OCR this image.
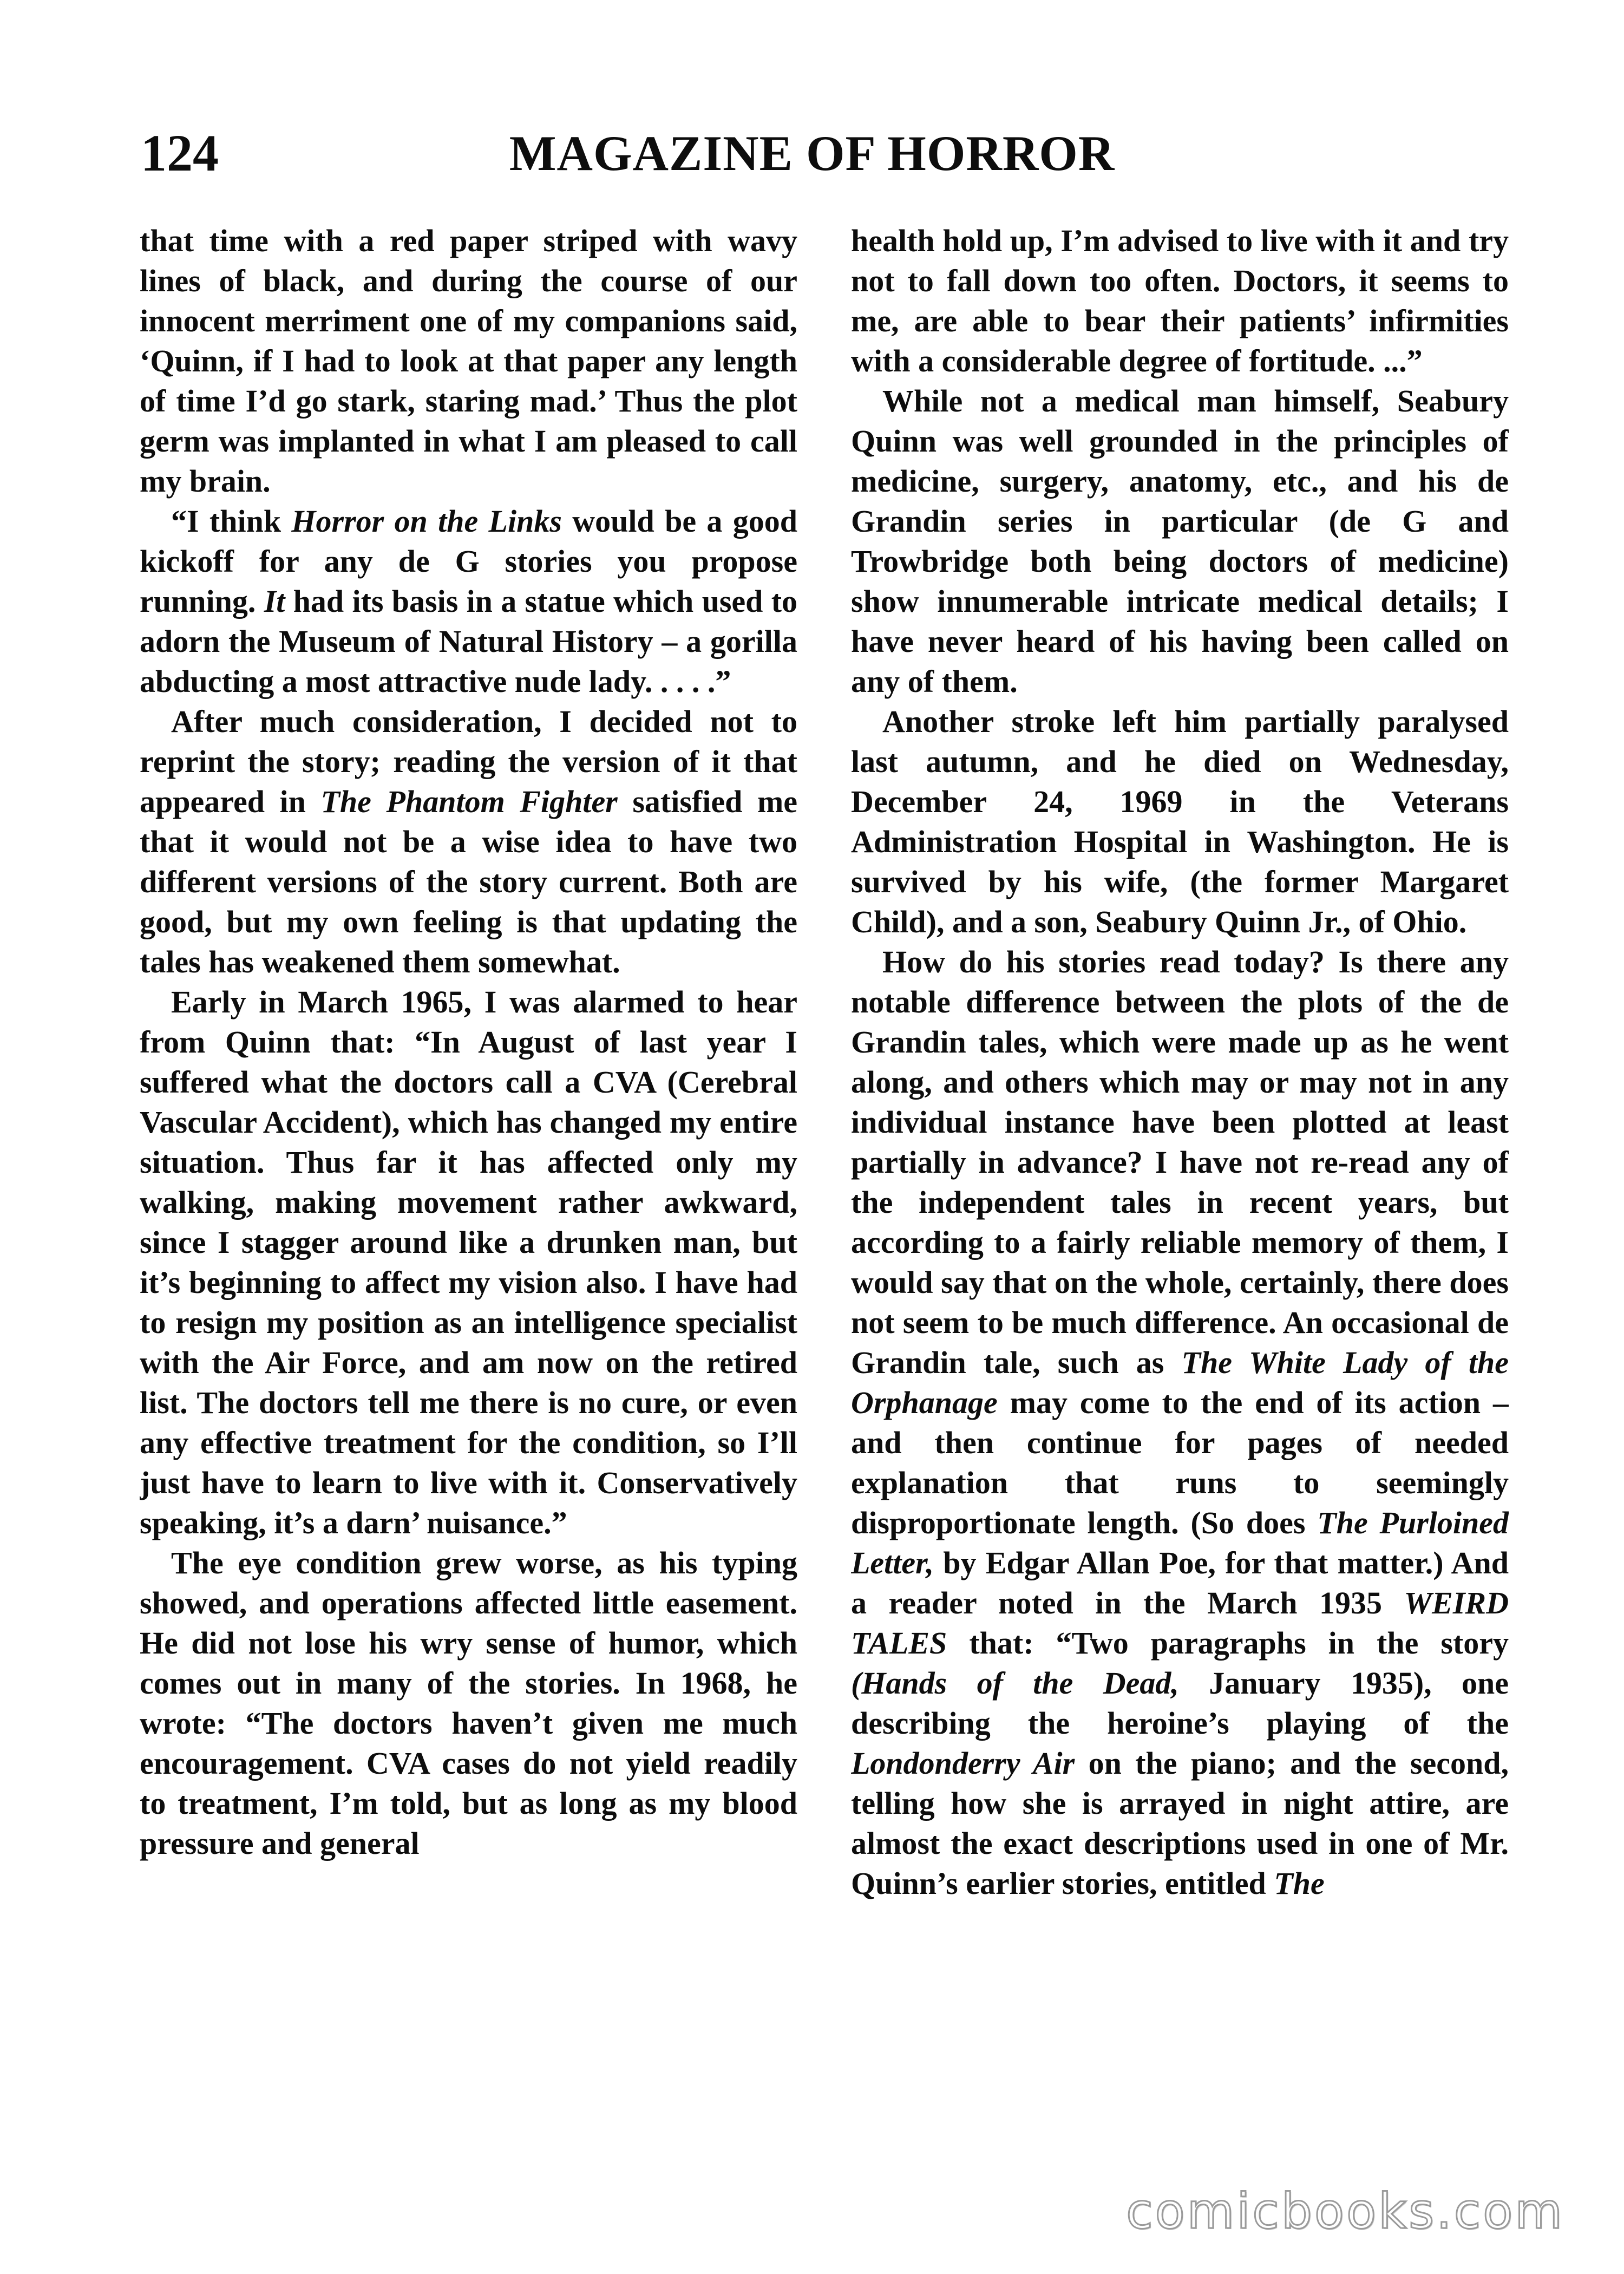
124	MAGAZINE OF HORROR

that time with a red paper striped with wavy lines of black, and during the course of our innocent merriment one of my companions said, ‘Quinn, if I had to look at that paper any length of time I’d go stark, staring mad.’ Thus the plot germ was implanted in what I am pleased to call my brain.

“I think Horror on the Links would be a good kickoff for any de G stories you propose running. It had its basis in a statue which used to adorn the Museum of Natural History – a gorilla abducting a most attractive nude lady. . . . .”

After much consideration, I decided not to reprint the story; reading the version of it that appeared in The Phantom Fighter satisfied me that it would not be a wise idea to have two different versions of the story current. Both are good, but my own feeling is that updating the tales has weakened them somewhat.

Early in March 1965, I was alarmed to hear from Quinn that: “In August of last year I suffered what the doctors call a CVA (Cerebral Vascular Accident), which has changed my entire situation. Thus far it has affected only my walking, making movement rather awkward, since I stagger around like a drunken man, but it’s beginning to affect my vision also. I have had to resign my position as an intelligence specialist with the Air Force, and am now on the retired list. The doctors tell me there is no cure, or even any effective treatment for the condition, so I’ll just have to learn to live with it. Conservatively speaking, it’s a darn’ nuisance.”

The eye condition grew worse, as his typing showed, and operations affected little easement. He did not lose his wry sense of humor, which comes out in many of the stories. In 1968, he wrote: “The doctors haven’t given me much encouragement. CVA cases do not yield readily to treatment, I’m told, but as long as my blood pressure and general

health hold up, I’m advised to live with it and try not to fall down too often. Doctors, it seems to me, are able to bear their patients’ infirmities with a considerable degree of fortitude. ...”

While not a medical man himself, Seabury Quinn was well grounded in the principles of medicine, surgery, anatomy, etc., and his de Grandin series in particular (de G and Trowbridge both being doctors of medicine) show innumerable intricate medical details; I have never heard of his having been called on any of them.

Another stroke left him partially paralysed last autumn, and he died on Wednesday, December 24, 1969 in the Veterans Administration Hospital in Washington. He is survived by his wife, (the former Margaret Child), and a son, Seabury Quinn Jr., of Ohio.

How do his stories read today? Is there any notable difference between the plots of the de Grandin tales, which were made up as he went along, and others which may or may not in any individual instance have been plotted at least partially in advance? I have not re-read any of the independent tales in recent years, but according to a fairly reliable memory of them, I would say that on the whole, certainly, there does not seem to be much difference. An occasional de Grandin tale, such as The White Lady of the Orphanage may come to the end of its action – and then continue for pages of needed explanation that runs to seemingly disproportionate length. (So does The Purloined Letter, by Edgar Allan Poe, for that matter.) And a reader noted in the March 1935 WEIRD TALES that: “Two paragraphs in the story (Hands of the Dead, January 1935), one describing the heroine’s playing of the Londonderry Air on the piano; and the second, telling how she is arrayed in night attire, are almost the exact descriptions used in one of Mr. Quinn’s earlier stories, entitled The

comicbooks.com
